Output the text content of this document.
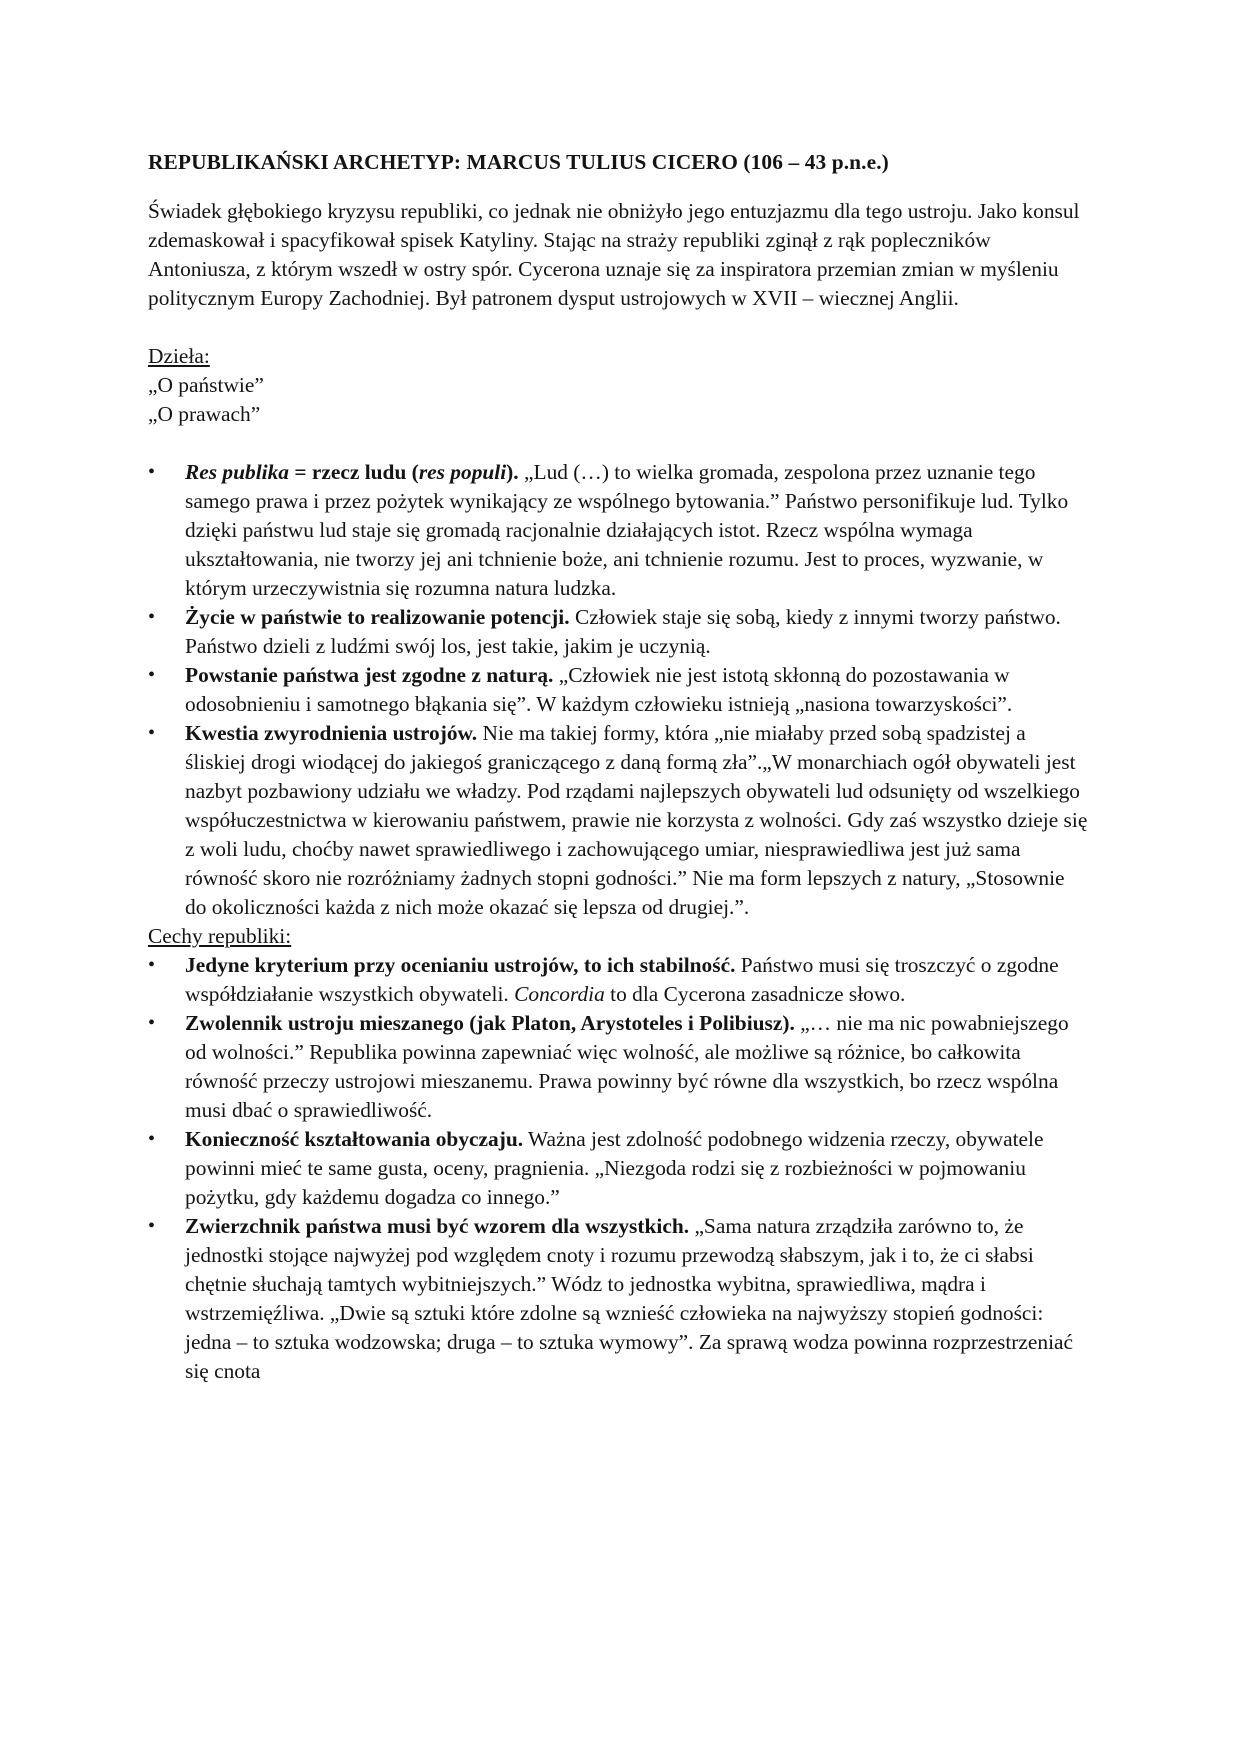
REPUBLIKAŃSKI ARCHETYP: MARCUS TULIUS CICERO (106 – 43 p.n.e.)

Świadek głębokiego kryzysu republiki, co jednak nie obniżyło jego entuzjazmu dla tego ustroju. Jako konsul zdemaskował i spacyfikował spisek Katyliny. Stając na straży republiki zginął z rąk popleczników Antoniusza, z którym wszedł w ostry spór. Cycerona uznaje się za inspiratora przemian zmian w myśleniu politycznym Europy Zachodniej. Był patronem dysput ustrojowych w XVII – wiecznej Anglii.

Dzieła:
„O państwie”
„O prawach”
• Res publika = rzecz ludu (res populi). „Lud (…) to wielka gromada, zespolona przez uznanie tego samego prawa i przez pożytek wynikający ze wspólnego bytowania.” Państwo personifikuje lud. Tylko dzięki państwu lud staje się gromadą racjonalnie działających istot. Rzecz wspólna wymaga ukształtowania, nie tworzy jej ani tchnienie boże, ani tchnienie rozumu. Jest to proces, wyzwanie, w którym urzeczywistnia się rozumna natura ludzka.
• Życie w państwie to realizowanie potencji. Człowiek staje się sobą, kiedy z innymi tworzy państwo. Państwo dzieli z ludźmi swój los, jest takie, jakim je uczynią.
• Powstanie państwa jest zgodne z naturą. „Człowiek nie jest istotą skłonną do pozostawania w odosobnieniu i samotnego błąkania się”. W każdym człowieku istnieją „nasiona towarzyskości”.
• Kwestia zwyrodnienia ustrojów. Nie ma takiej formy, która „nie miałaby przed sobą spadzistej a śliskiej drogi wiodącej do jakiegoś graniczącego z daną formą zła”.„W monarchiach ogół obywateli jest nazbyt pozbawiony udziału we władzy. Pod rządami najlepszych obywateli lud odsunięty od wszelkiego współuczestnictwa w kierowaniu państwem, prawie nie korzysta z wolności. Gdy zaś wszystko dzieje się z woli ludu, choćby nawet sprawiedliwego i zachowującego umiar, niesprawiedliwa jest już sama równość skoro nie rozróżniamy żadnych stopni godności.” Nie ma form lepszych z natury, „Stosownie do okoliczności każda z nich może okazać się lepsza od drugiej.”.
Cechy republiki:
• Jedyne kryterium przy ocenianiu ustrojów, to ich stabilność. Państwo musi się troszczyć o zgodne współdziałanie wszystkich obywateli. Concordia to dla Cycerona zasadnicze słowo.
• Zwolennik ustroju mieszanego (jak Platon, Arystoteles i Polibiusz). „… nie ma nic powabniejszego od wolności.” Republika powinna zapewniać więc wolność, ale możliwe są różnice, bo całkowita równość przeczy ustrojowi mieszanemu. Prawa powinny być równe dla wszystkich, bo rzecz wspólna musi dbać o sprawiedliwość.
• Konieczność kształtowania obyczaju. Ważna jest zdolność podobnego widzenia rzeczy, obywatele powinni mieć te same gusta, oceny, pragnienia. „Niezgoda rodzi się z rozbieżności w pojmowaniu pożytku, gdy każdemu dogadza co innego.”
• Zwierzchnik państwa musi być wzorem dla wszystkich. „Sama natura zrządziła zarówno to, że jednostki stojące najwyżej pod względem cnoty i rozumu przewodzą słabszym, jak i to, że ci słabsi chętnie słuchają tamtych wybitniejszych.” Wódz to jednostka wybitna, sprawiedliwa, mądra i wstrzemięźliwa. „Dwie są sztuki które zdolne są wznieść człowieka na najwyższy stopień godności: jedna – to sztuka wodzowska; druga – to sztuka wymowy”. Za sprawą wodza powinna rozprzestrzeniać się cnota
